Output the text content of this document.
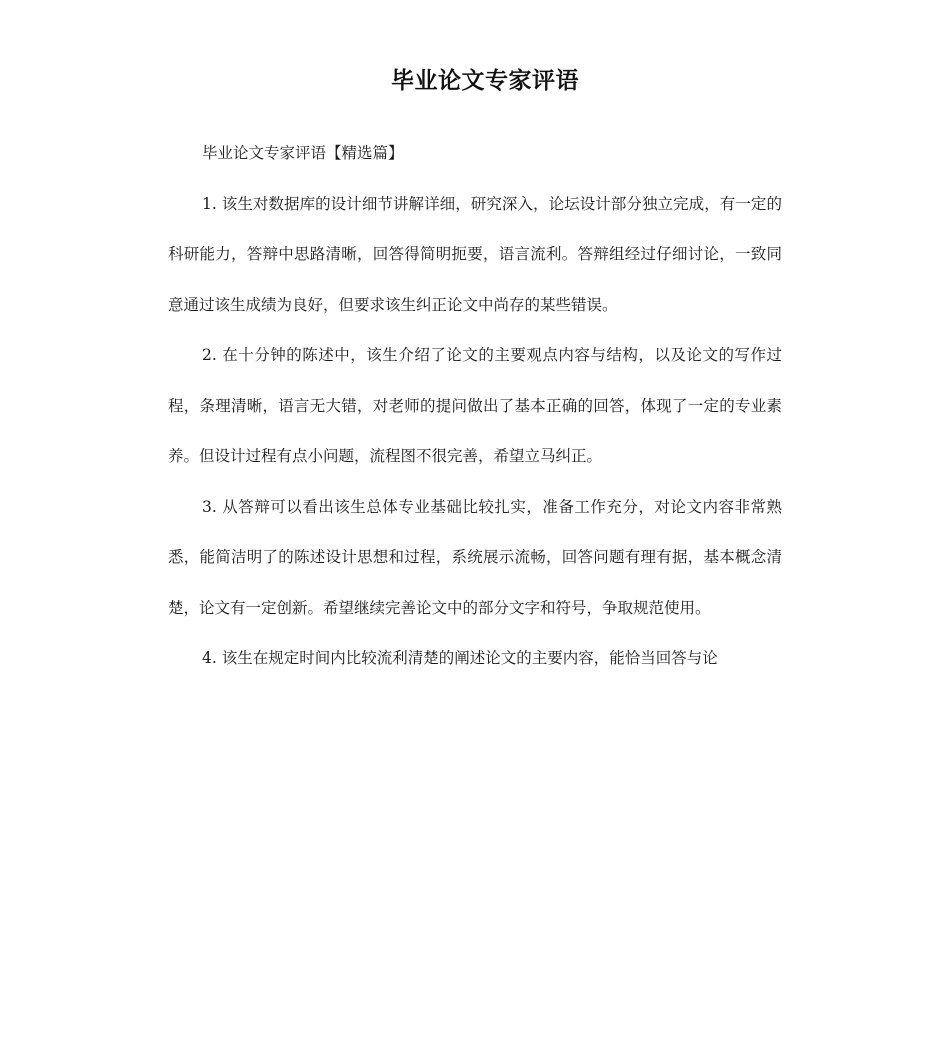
毕业论文专家评语

毕业论文专家评语【精选篇】

1. 该生对数据库的设计细节讲解详细，研究深入，论坛设计部分独立完成，有一定的科研能力，答辩中思路清晰，回答得简明扼要，语言流利。答辩组经过仔细讨论，一致同意通过该生成绩为良好，但要求该生纠正论文中尚存的某些错误。

2. 在十分钟的陈述中，该生介绍了论文的主要观点内容与结构，以及论文的写作过程，条理清晰，语言无大错，对老师的提问做出了基本正确的回答，体现了一定的专业素养。但设计过程有点小问题，流程图不很完善，希望立马纠正。

3. 从答辩可以看出该生总体专业基础比较扎实，准备工作充分，对论文内容非常熟悉，能简洁明了的陈述设计思想和过程，系统展示流畅，回答问题有理有据，基本概念清楚，论文有一定创新。希望继续完善论文中的部分文字和符号，争取规范使用。

4. 该生在规定时间内比较流利清楚的阐述论文的主要内容，能恰当回答与论
